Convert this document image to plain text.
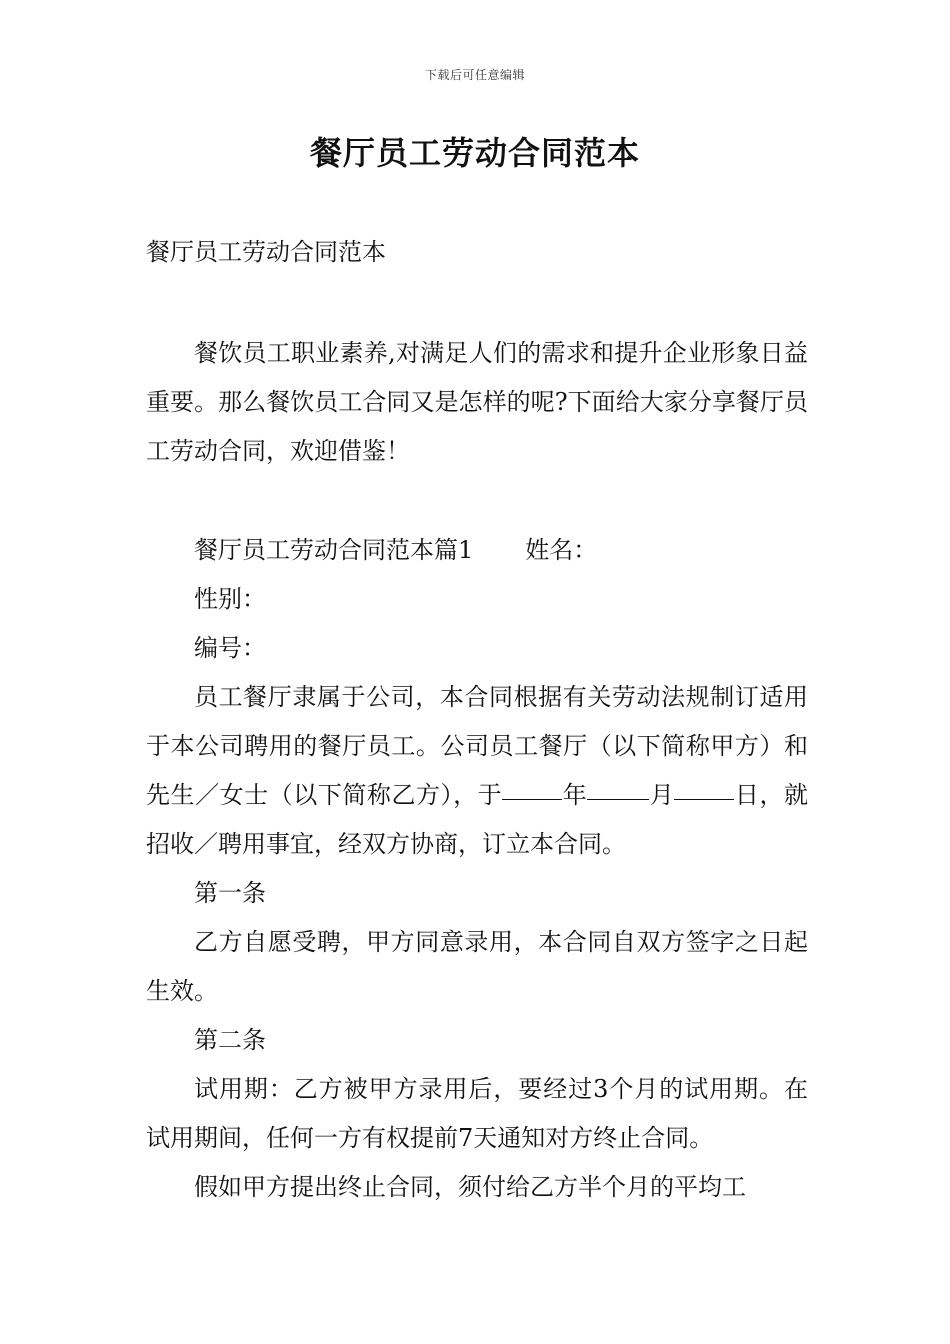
下载后可任意编辑
餐厅员工劳动合同范本

餐厅员工劳动合同范本

餐饮员工职业素养,对满足人们的需求和提升企业形象日益重要。那么餐饮员工合同又是怎样的呢?下面给大家分享餐厅员工劳动合同，欢迎借鉴！

餐厅员工劳动合同范本篇1 姓名：

性别：

编号：

员工餐厅隶属于公司，本合同根据有关劳动法规制订适用于本公司聘用的餐厅员工。公司员工餐厅（以下简称甲方）和先生／女士（以下简称乙方），于	年	月	日，就招收／聘用事宜，经双方协商，订立本合同。

第一条

乙方自愿受聘，甲方同意录用，本合同自双方签字之日起生效。

第二条

试用期：乙方被甲方录用后，要经过3个月的试用期。在试用期间，任何一方有权提前7天通知对方终止合同。

假如甲方提出终止合同，须付给乙方半个月的平均工
